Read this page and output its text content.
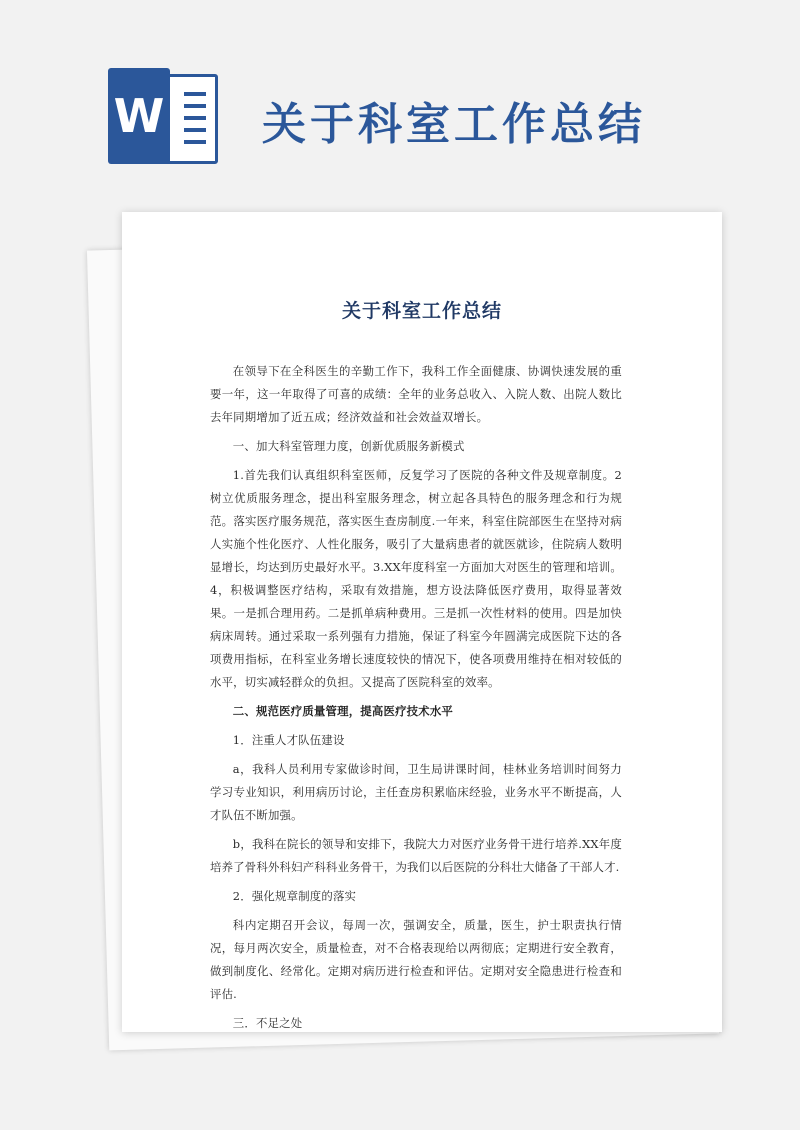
W 关于科室工作总结
关于科室工作总结

在领导下在全科医生的辛勤工作下，我科工作全面健康、协调快速发展的重要一年，这一年取得了可喜的成绩：全年的业务总收入、入院人数、出院人数比去年同期增加了近五成；经济效益和社会效益双增长。

一、加大科室管理力度，创新优质服务新模式

1.首先我们认真组织科室医师，反复学习了医院的各种文件及规章制度。2树立优质服务理念，提出科室服务理念，树立起各具特色的服务理念和行为规范。落实医疗服务规范，落实医生查房制度.一年来，科室住院部医生在坚持对病人实施个性化医疗、人性化服务，吸引了大量病患者的就医就诊，住院病人数明显增长，均达到历史最好水平。3.XX年度科室一方面加大对医生的管理和培训。4，积极调整医疗结构，采取有效措施，想方设法降低医疗费用，取得显著效果。一是抓合理用药。二是抓单病种费用。三是抓一次性材料的使用。四是加快病床周转。通过采取一系列强有力措施，保证了科室今年圆满完成医院下达的各项费用指标，在科室业务增长速度较快的情况下，使各项费用维持在相对较低的水平，切实减轻群众的负担。又提高了医院科室的效率。

二、规范医疗质量管理，提高医疗技术水平

1．注重人才队伍建设

a，我科人员利用专家做诊时间，卫生局讲课时间，桂林业务培训时间努力学习专业知识，利用病历讨论，主任查房积累临床经验，业务水平不断提高，人才队伍不断加强。

b，我科在院长的领导和安排下，我院大力对医疗业务骨干进行培养.XX年度培养了骨科外科妇产科科业务骨干，为我们以后医院的分科壮大储备了干部人才.

2．强化规章制度的落实

科内定期召开会议，每周一次，强调安全，质量，医生，护士职责执行情况，每月两次安全，质量检查，对不合格表现给以两彻底；定期进行安全教育，做到制度化、经常化。定期对病历进行检查和评估。定期对安全隐患进行检查和评估.

三．不足之处
